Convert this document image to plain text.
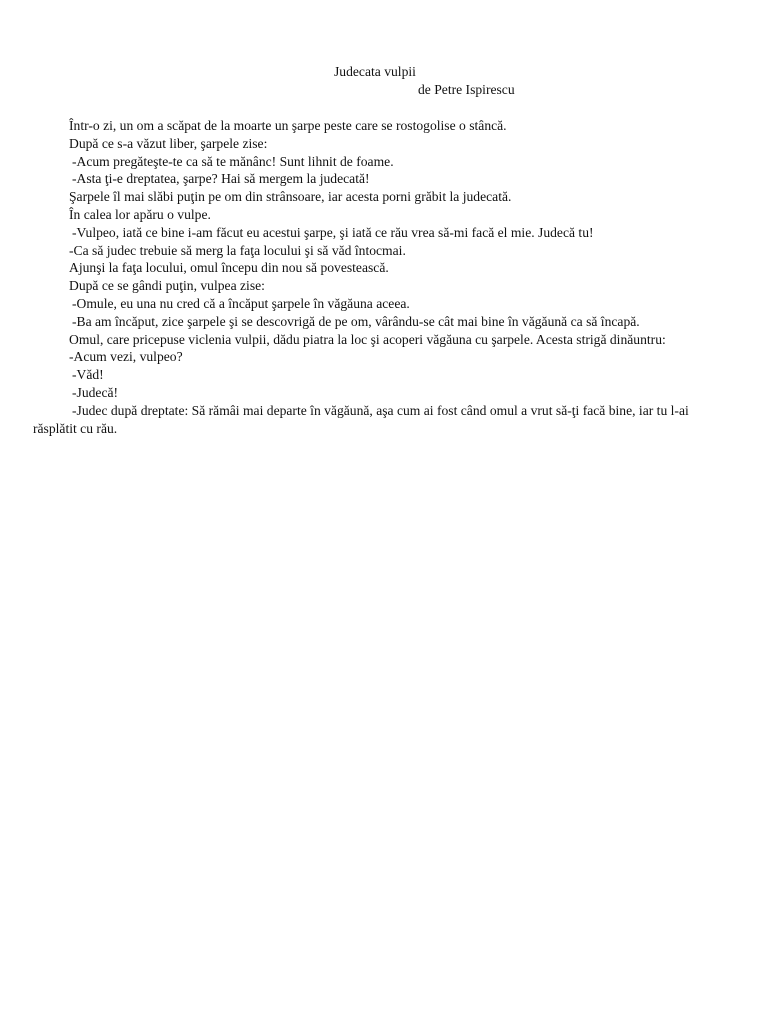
Judecata vulpii
de Petre Ispirescu

Într-o zi, un om a scăpat de la moarte un şarpe peste care se rostogolise o stâncă.

După ce s-a văzut liber, şarpele zise:

-Acum pregăteşte-te ca să te mănânc! Sunt lihnit de foame.

-Asta ţi-e dreptatea, şarpe? Hai să mergem la judecată!

Şarpele îl mai slăbi puţin pe om din strânsoare, iar acesta porni grăbit la judecată.

În calea lor apăru o vulpe.

-Vulpeo, iată ce bine i-am făcut eu acestui şarpe, şi iată ce rău vrea să-mi facă el mie. Judecă tu!

-Ca să judec trebuie să merg la faţa locului şi să văd întocmai.

Ajunşi la faţa locului, omul începu din nou să povestească.

După ce se gândi puţin, vulpea zise:

-Omule, eu una nu cred că a încăput şarpele în văgăuna aceea.

-Ba am încăput, zice şarpele şi se descovrigă de pe om, vârându-se cât mai bine în văgăună ca să încapă.

Omul, care pricepuse viclenia vulpii, dădu piatra la loc şi acoperi văgăuna cu şarpele. Acesta strigă dinăuntru:

-Acum vezi, vulpeo?

-Văd!

-Judecă!

-Judec după dreptate: Să rămâi mai departe în văgăună, aşa cum ai fost când omul a vrut să-ţi facă bine, iar tu l-ai răsplătit cu rău.
